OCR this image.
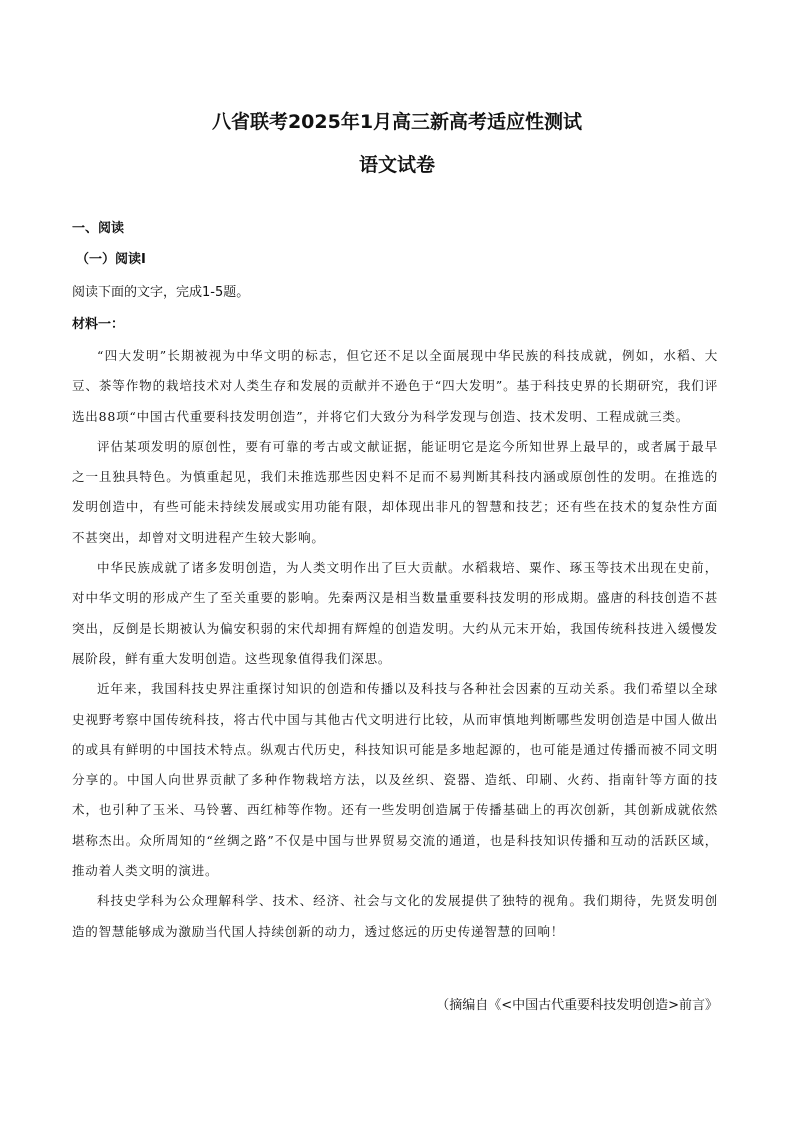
八省联考2025年1月高三新高考适应性测试
语文试卷
一、阅读
（一）阅读Ⅰ
阅读下面的文字，完成1-5题。
材料一：

“四大发明”长期被视为中华文明的标志，但它还不足以全面展现中华民族的科技成就，例如，水稻、大豆、茶等作物的栽培技术对人类生存和发展的贡献并不逊色于“四大发明”。基于科技史界的长期研究，我们评选出88项“中国古代重要科技发明创造”，并将它们大致分为科学发现与创造、技术发明、工程成就三类。

评估某项发明的原创性，要有可靠的考古或文献证据，能证明它是迄今所知世界上最早的，或者属于最早之一且独具特色。为慎重起见，我们未推选那些因史料不足而不易判断其科技内涵或原创性的发明。在推选的发明创造中，有些可能未持续发展或实用功能有限，却体现出非凡的智慧和技艺；还有些在技术的复杂性方面不甚突出，却曾对文明进程产生较大影响。

中华民族成就了诸多发明创造，为人类文明作出了巨大贡献。水稻栽培、粟作、琢玉等技术出现在史前，对中华文明的形成产生了至关重要的影响。先秦两汉是相当数量重要科技发明的形成期。盛唐的科技创造不甚突出，反倒是长期被认为偏安积弱的宋代却拥有辉煌的创造发明。大约从元末开始，我国传统科技进入缓慢发展阶段，鲜有重大发明创造。这些现象值得我们深思。

近年来，我国科技史界注重探讨知识的创造和传播以及科技与各种社会因素的互动关系。我们希望以全球史视野考察中国传统科技，将古代中国与其他古代文明进行比较，从而审慎地判断哪些发明创造是中国人做出的或具有鲜明的中国技术特点。纵观古代历史，科技知识可能是多地起源的，也可能是通过传播而被不同文明分享的。中国人向世界贡献了多种作物栽培方法，以及丝织、瓷器、造纸、印刷、火药、指南针等方面的技术，也引种了玉米、马铃薯、西红柿等作物。还有一些发明创造属于传播基础上的再次创新，其创新成就依然堪称杰出。众所周知的“丝绸之路”不仅是中国与世界贸易交流的通道，也是科技知识传播和互动的活跃区域，推动着人类文明的演进。

科技史学科为公众理解科学、技术、经济、社会与文化的发展提供了独特的视角。我们期待，先贤发明创造的智慧能够成为激励当代国人持续创新的动力，透过悠远的历史传递智慧的回响！

（摘编自《<中国古代重要科技发明创造>前言》
